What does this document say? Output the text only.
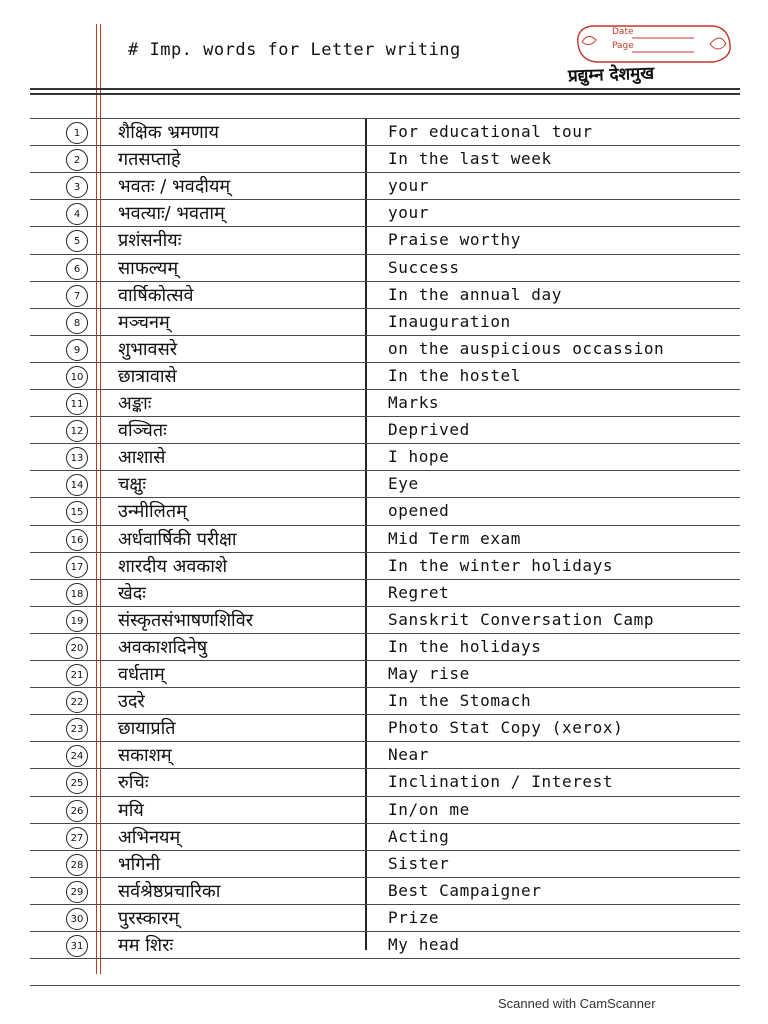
Date
Page
# Imp. words for Letter writing
प्रद्युम्न देशमुख
1	शैक्षिक भ्रमणाय	For educational tour
2	गतसप्ताहे	In the last week
3	भवतः / भवदीयम्	your
4	भवत्याः/ भवताम्	your
5	प्रशंसनीयः	Praise worthy
6	साफल्यम्	Success
7	वार्षिकोत्सवे	In the annual day
8	मञ्चनम्	Inauguration
9	शुभावसरे	on the auspicious occassion
10 छात्रावासे	In the hostel
11 अङ्काः	Marks
12 वञ्चितः	Deprived
13 आशासे	I hope
14 चक्षुः	Eye
15 उन्मीलितम्	opened
16 अर्धवार्षिकी परीक्षा	Mid Term exam
17 शारदीय अवकाशे	In the winter holidays
18 खेदः	Regret
19 संस्कृतसंभाषणशिविर	Sanskrit Conversation Camp
20 अवकाशदिनेषु	In the holidays
21 वर्धताम्	May rise
22 उदरे	In the Stomach
23 छायाप्रति	Photo Stat Copy (xerox)
24 सकाशम्	Near
25 रुचिः	Inclination / Interest
26 मयि	In/on me
27 अभिनयम्	Acting
28 भगिनी	Sister
29 सर्वश्रेष्ठप्रचारिका	Best Campaigner
30 पुरस्कारम्	Prize
31 मम शिरः	My head
Scanned with CamScanner
